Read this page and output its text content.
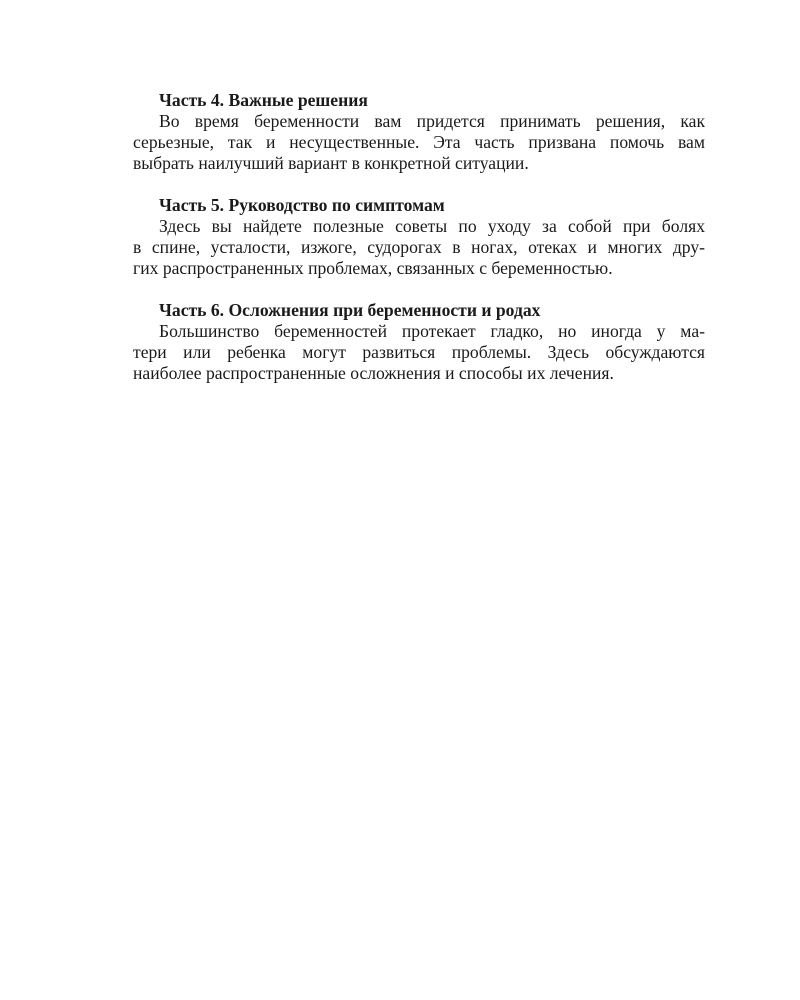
Часть 4. Важные решения

Во время беременности вам придется принимать решения, как
серьезные, так и несущественные. Эта часть призвана помочь вам
выбрать наилучший вариант в конкретной ситуации.

Часть 5. Руководство по симптомам

Здесь вы найдете полезные советы по уходу за собой при болях
в спине, усталости, изжоге, судорогах в ногах, отеках и многих дру-
гих распространенных проблемах, связанных с беременностью.

Часть 6. Осложнения при беременности и родах

Большинство беременностей протекает гладко, но иногда у ма-
тери или ребенка могут развиться проблемы. Здесь обсуждаются
наиболее распространенные осложнения и способы их лечения.
